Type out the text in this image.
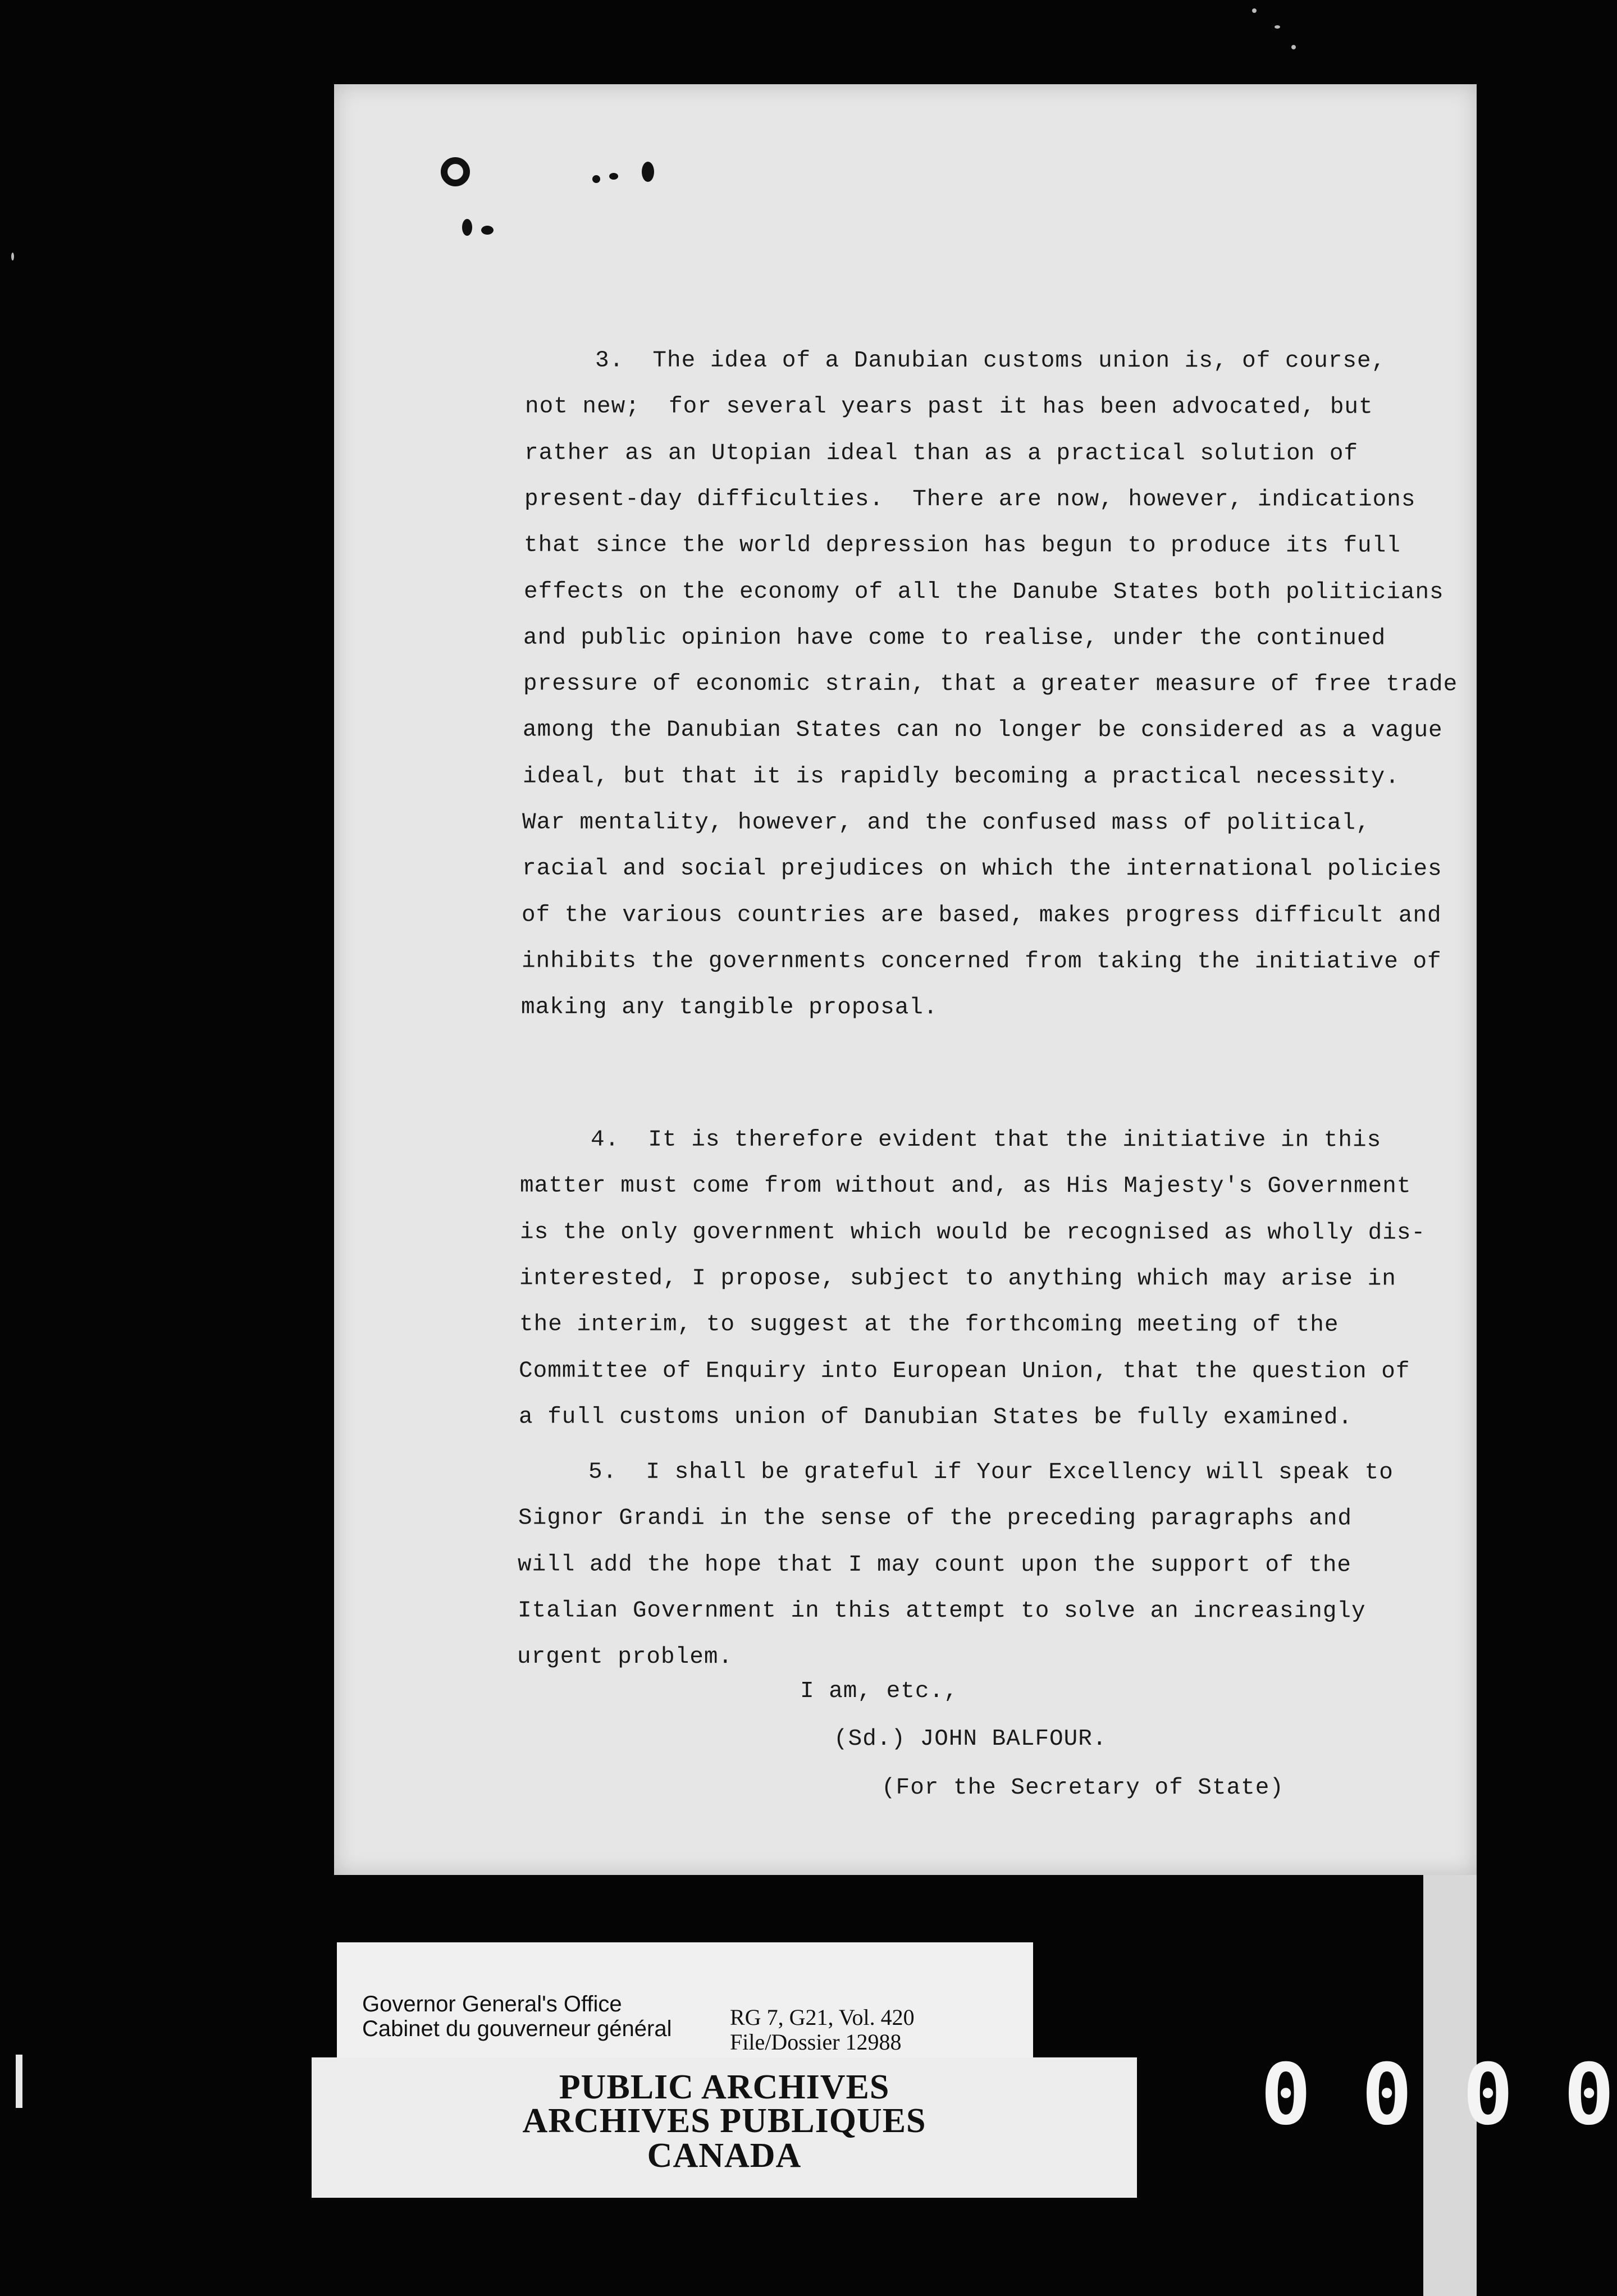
3.  The idea of a Danubian customs union is, of course,
not new;  for several years past it has been advocated, but
rather as an Utopian ideal than as a practical solution of
present-day difficulties.  There are now, however, indications
that since the world depression has begun to produce its full
effects on the economy of all the Danube States both politicians
and public opinion have come to realise, under the continued
pressure of economic strain, that a greater measure of free trade
among the Danubian States can no longer be considered as a vague
ideal, but that it is rapidly becoming a practical necessity.
War mentality, however, and the confused mass of political,
racial and social prejudices on which the international policies
of the various countries are based, makes progress difficult and
inhibits the governments concerned from taking the initiative of
making any tangible proposal.
4.  It is therefore evident that the initiative in this
matter must come from without and, as His Majesty's Government
is the only government which would be recognised as wholly dis-
interested, I propose, subject to anything which may arise in
the interim, to suggest at the forthcoming meeting of the
Committee of Enquiry into European Union, that the question of
a full customs union of Danubian States be fully examined.
5.  I shall be grateful if Your Excellency will speak to
Signor Grandi in the sense of the preceding paragraphs and
will add the hope that I may count upon the support of the
Italian Government in this attempt to solve an increasingly
urgent problem.
I am, etc.,
(Sd.) JOHN BALFOUR.
(For the Secretary of State)
Governor General's Office
Cabinet du gouverneur général	RG 7, G21, Vol. 420
File/Dossier 12988
PUBLIC ARCHIVES
ARCHIVES PUBLIQUES
CANADA
0 0 0 0
